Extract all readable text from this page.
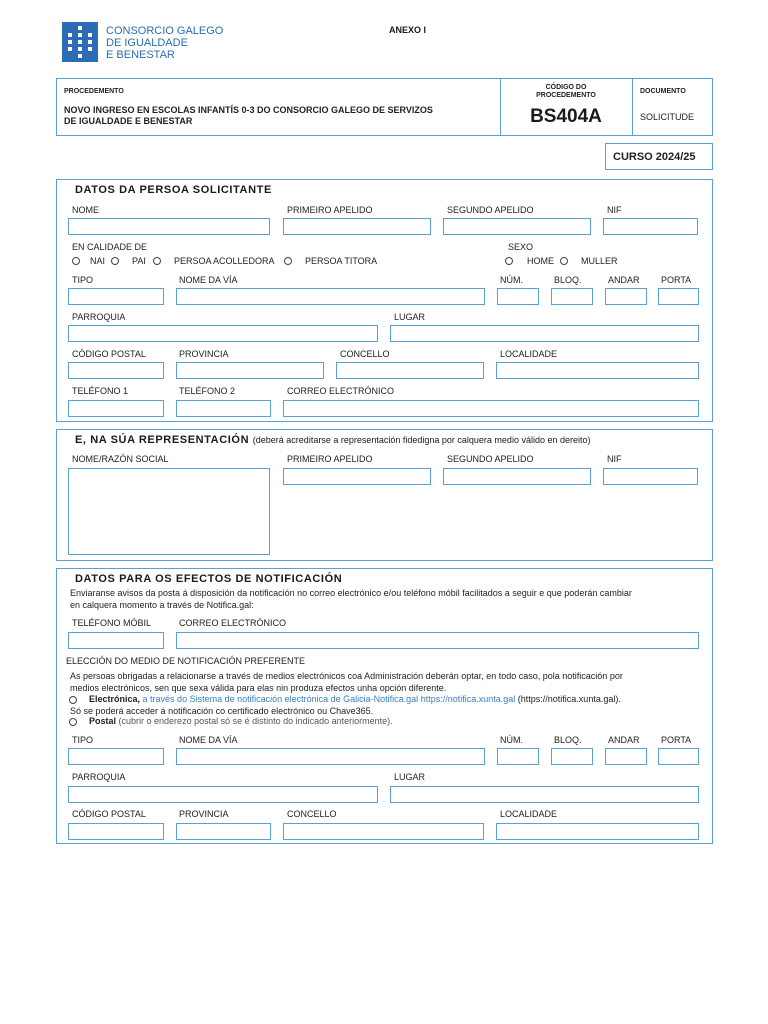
CONSORCIO GALEGO
DE IGUALDADE
E BENESTAR
ANEXO I
PROCEDEMENTO
NOVO INGRESO EN ESCOLAS INFANTÍS 0-3 DO CONSORCIO GALEGO DE SERVIZOS
DE IGUALDADE E BENESTAR
CÓDIGO DO
PROCEDEMENTO
BS404A
DOCUMENTO
SOLICITUDE
CURSO 2024/25
DATOS DA PERSOA SOLICITANTE
NOME	PRIMEIRO APELIDO	SEGUNDO APELIDO	NIF
EN CALIDADE DE
NAI	PAI	PERSOA ACOLLEDORA	PERSOA TITORA
SEXO
HOME	MULLER
TIPO	NOME DA VÍA	NÚM.	BLOQ.	ANDAR PORTA
PARROQUIA	LUGAR
CÓDIGO POSTAL	PROVINCIA	CONCELLO	LOCALIDADE
TELÉFONO 1	TELÉFONO 2	CORREO ELECTRÓNICO
E, NA SÚA REPRESENTACIÓN (deberá acreditarse a representación fidedigna por calquera medio válido en dereito)
NOME/RAZÓN SOCIAL	PRIMEIRO APELIDO	SEGUNDO APELIDO	NIF
DATOS PARA OS EFECTOS DE NOTIFICACIÓN
Enviaranse avisos da posta á disposición da notificación no correo electrónico e/ou teléfono móbil facilitados a seguir e que poderán cambiar
en calquera momento a través de Notifica.gal:
TELÉFONO MÓBIL	CORREO ELECTRÓNICO
ELECCIÓN DO MEDIO DE NOTIFICACIÓN PREFERENTE
As persoas obrigadas a relacionarse a través de medios electrónicos coa Administración deberán optar, en todo caso, pola notificación por
medios electrónicos, sen que sexa válida para elas nin produza efectos unha opción diferente.
Electrónica, a través do Sistema de notificación electrónica de Galicia-Notifica.gal https://notifica.xunta.gal (https://notifica.xunta.gal).
Só se poderá acceder á notificación co certificado electrónico ou Chave365.
Postal (cubrir o enderezo postal só se é distinto do indicado anteriormente).
TIPO	NOME DA VÍA	NÚM.	BLOQ.	ANDAR PORTA
PARROQUIA	LUGAR
CÓDIGO POSTAL	PROVINCIA	CONCELLO	LOCALIDADE
